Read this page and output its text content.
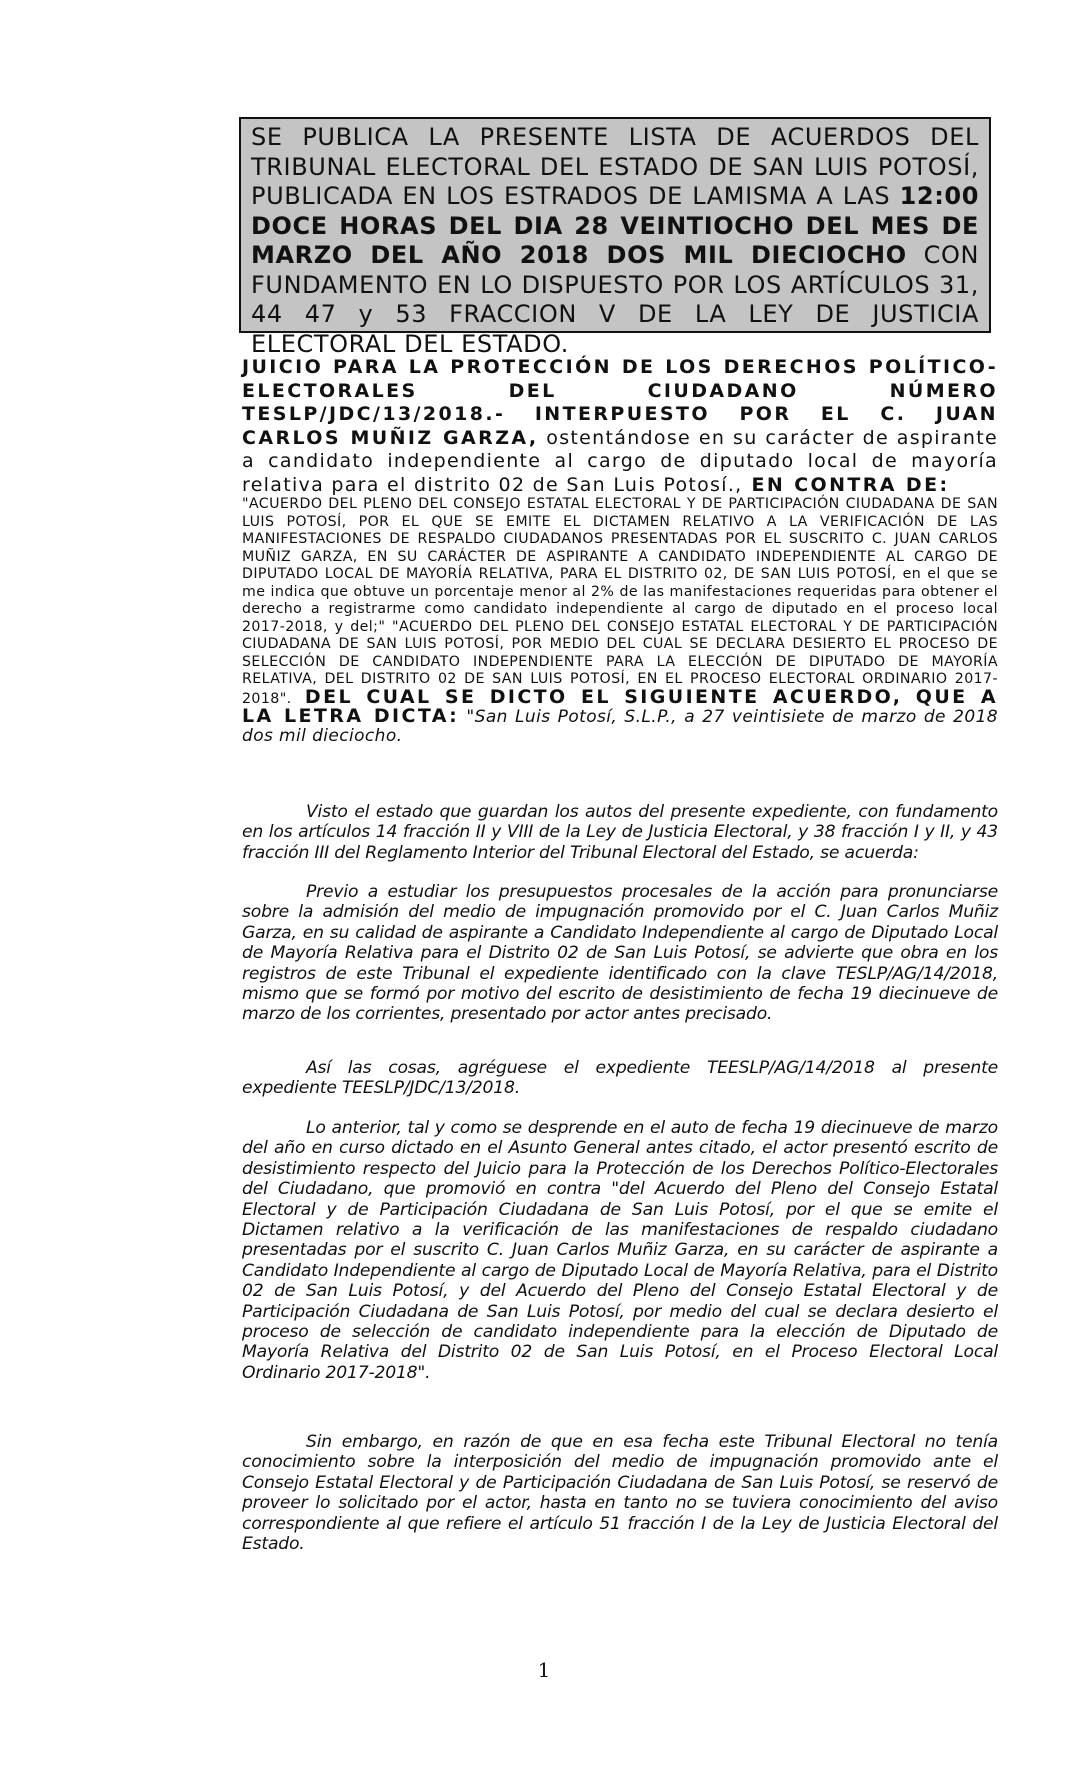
SE PUBLICA LA PRESENTE LISTA DE ACUERDOS DEL TRIBUNAL ELECTORAL DEL ESTADO DE SAN LUIS POTOSÍ, PUBLICADA EN LOS ESTRADOS DE LAMISMA A LAS 12:00 DOCE HORAS DEL DIA 28 VEINTIOCHO DEL MES DE MARZO DEL AÑO 2018 DOS MIL DIECIOCHO CON FUNDAMENTO EN LO DISPUESTO POR LOS ARTÍCULOS 31, 44 47 y 53 FRACCION V DE LA LEY DE JUSTICIA ELECTORAL DEL ESTADO.
JUICIO PARA LA PROTECCIÓN DE LOS DERECHOS POLÍTICO-ELECTORALES DEL CIUDADANO NÚMERO TESLP/JDC/13/2018.- INTERPUESTO POR EL C. JUAN CARLOS MUÑIZ GARZA, ostentándose en su carácter de aspirante a candidato independiente al cargo de diputado local de mayoría relativa para el distrito 02 de San Luis Potosí., EN CONTRA DE:
"ACUERDO DEL PLENO DEL CONSEJO ESTATAL ELECTORAL Y DE PARTICIPACIÓN CIUDADANA DE SAN LUIS POTOSÍ, POR EL QUE SE EMITE EL DICTAMEN RELATIVO A LA VERIFICACIÓN DE LAS MANIFESTACIONES DE RESPALDO CIUDADANOS PRESENTADAS POR EL SUSCRITO C. JUAN CARLOS MUÑIZ GARZA, EN SU CARÁCTER DE ASPIRANTE A CANDIDATO INDEPENDIENTE AL CARGO DE DIPUTADO LOCAL DE MAYORÍA RELATIVA, PARA EL DISTRITO 02, DE SAN LUIS POTOSÍ, en el que se me indica que obtuve un porcentaje menor al 2% de las manifestaciones requeridas para obtener el derecho a registrarme como candidato independiente al cargo de diputado en el proceso local 2017-2018, y del;" "ACUERDO DEL PLENO DEL CONSEJO ESTATAL ELECTORAL Y DE PARTICIPACIÓN CIUDADANA DE SAN LUIS POTOSÍ, POR MEDIO DEL CUAL SE DECLARA DESIERTO EL PROCESO DE SELECCIÓN DE CANDIDATO INDEPENDIENTE PARA LA ELECCIÓN DE DIPUTADO DE MAYORÍA RELATIVA, DEL DISTRITO 02 DE SAN LUIS POTOSÍ, EN EL PROCESO ELECTORAL ORDINARIO 2017-2018". DEL CUAL SE DICTO EL SIGUIENTE ACUERDO, QUE A LA LETRA DICTA: "San Luis Potosí, S.L.P., a 27 veintisiete de marzo de 2018 dos mil dieciocho.
Visto el estado que guardan los autos del presente expediente, con fundamento en los artículos 14 fracción II y VIII de la Ley de Justicia Electoral, y 38 fracción I y II, y 43 fracción III del Reglamento Interior del Tribunal Electoral del Estado, se acuerda:
Previo a estudiar los presupuestos procesales de la acción para pronunciarse sobre la admisión del medio de impugnación promovido por el C. Juan Carlos Muñiz Garza, en su calidad de aspirante a Candidato Independiente al cargo de Diputado Local de Mayoría Relativa para el Distrito 02 de San Luis Potosí, se advierte que obra en los registros de este Tribunal el expediente identificado con la clave TESLP/AG/14/2018, mismo que se formó por motivo del escrito de desistimiento de fecha 19 diecinueve de marzo de los corrientes, presentado por actor antes precisado.
Así las cosas, agréguese el expediente TEESLP/AG/14/2018 al presente expediente TEESLP/JDC/13/2018.
Lo anterior, tal y como se desprende en el auto de fecha 19 diecinueve de marzo del año en curso dictado en el Asunto General antes citado, el actor presentó escrito de desistimiento respecto del Juicio para la Protección de los Derechos Político-Electorales del Ciudadano, que promovió en contra "del Acuerdo del Pleno del Consejo Estatal Electoral y de Participación Ciudadana de San Luis Potosí, por el que se emite el Dictamen relativo a la verificación de las manifestaciones de respaldo ciudadano presentadas por el suscrito C. Juan Carlos Muñiz Garza, en su carácter de aspirante a Candidato Independiente al cargo de Diputado Local de Mayoría Relativa, para el Distrito 02 de San Luis Potosí, y del Acuerdo del Pleno del Consejo Estatal Electoral y de Participación Ciudadana de San Luis Potosí, por medio del cual se declara desierto el proceso de selección de candidato independiente para la elección de Diputado de Mayoría Relativa del Distrito 02 de San Luis Potosí, en el Proceso Electoral Local Ordinario 2017-2018".
Sin embargo, en razón de que en esa fecha este Tribunal Electoral no tenía conocimiento sobre la interposición del medio de impugnación promovido ante el Consejo Estatal Electoral y de Participación Ciudadana de San Luis Potosí, se reservó de proveer lo solicitado por el actor, hasta en tanto no se tuviera conocimiento del aviso correspondiente al que refiere el artículo 51 fracción I de la Ley de Justicia Electoral del Estado.
1
